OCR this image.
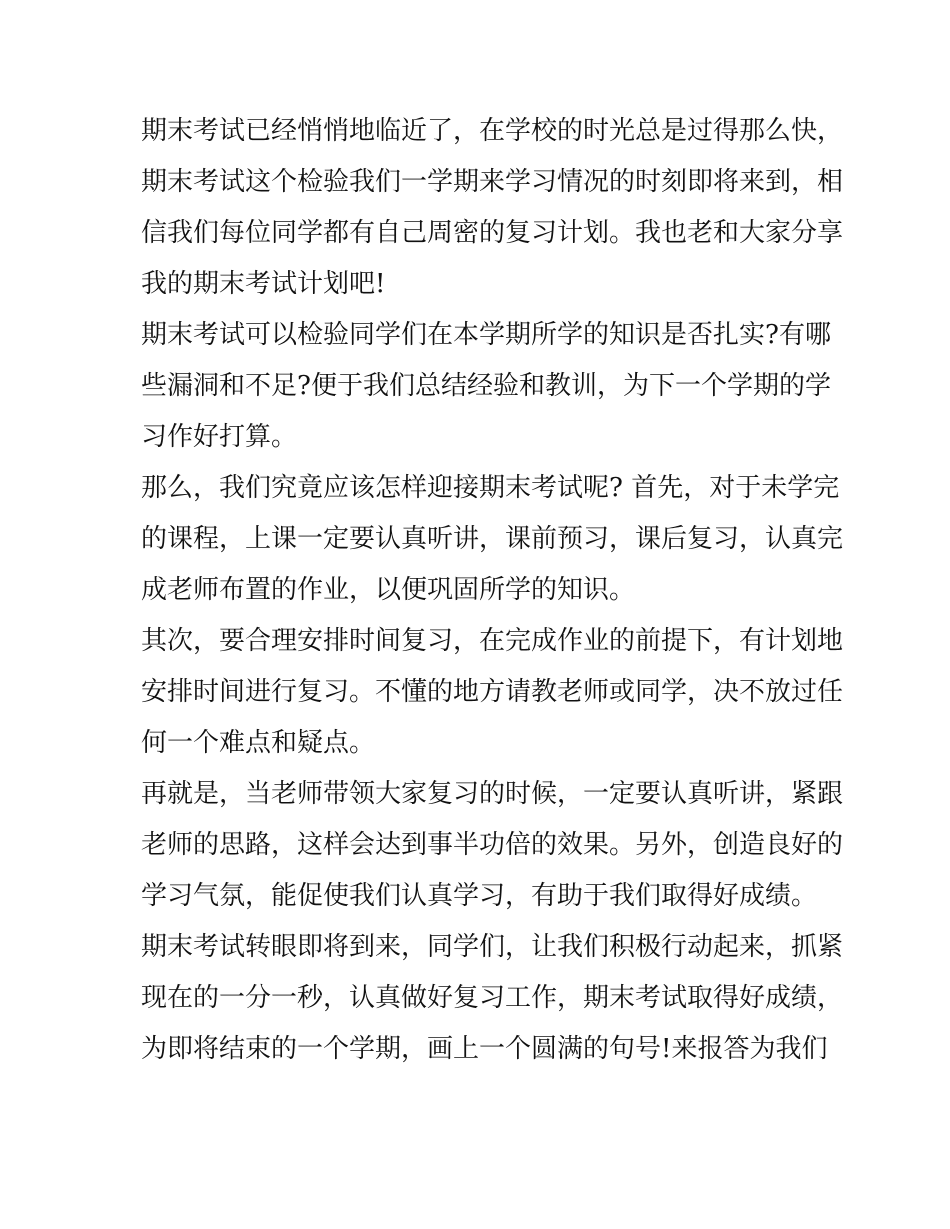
期末考试已经悄悄地临近了，在学校的时光总是过得那么快，
期末考试这个检验我们一学期来学习情况的时刻即将来到，相
信我们每位同学都有自己周密的复习计划。我也老和大家分享
我的期末考试计划吧!
期末考试可以检验同学们在本学期所学的知识是否扎实?有哪
些漏洞和不足?便于我们总结经验和教训，为下一个学期的学
习作好打算。
那么，我们究竟应该怎样迎接期末考试呢? 首先，对于未学完
的课程，上课一定要认真听讲，课前预习，课后复习，认真完
成老师布置的作业，以便巩固所学的知识。
其次，要合理安排时间复习，在完成作业的前提下，有计划地
安排时间进行复习。不懂的地方请教老师或同学，决不放过任
何一个难点和疑点。
再就是，当老师带领大家复习的时候，一定要认真听讲，紧跟
老师的思路，这样会达到事半功倍的效果。另外，创造良好的
学习气氛，能促使我们认真学习，有助于我们取得好成绩。
期末考试转眼即将到来，同学们，让我们积极行动起来，抓紧
现在的一分一秒，认真做好复习工作，期末考试取得好成绩，
为即将结束的一个学期，画上一个圆满的句号!来报答为我们
